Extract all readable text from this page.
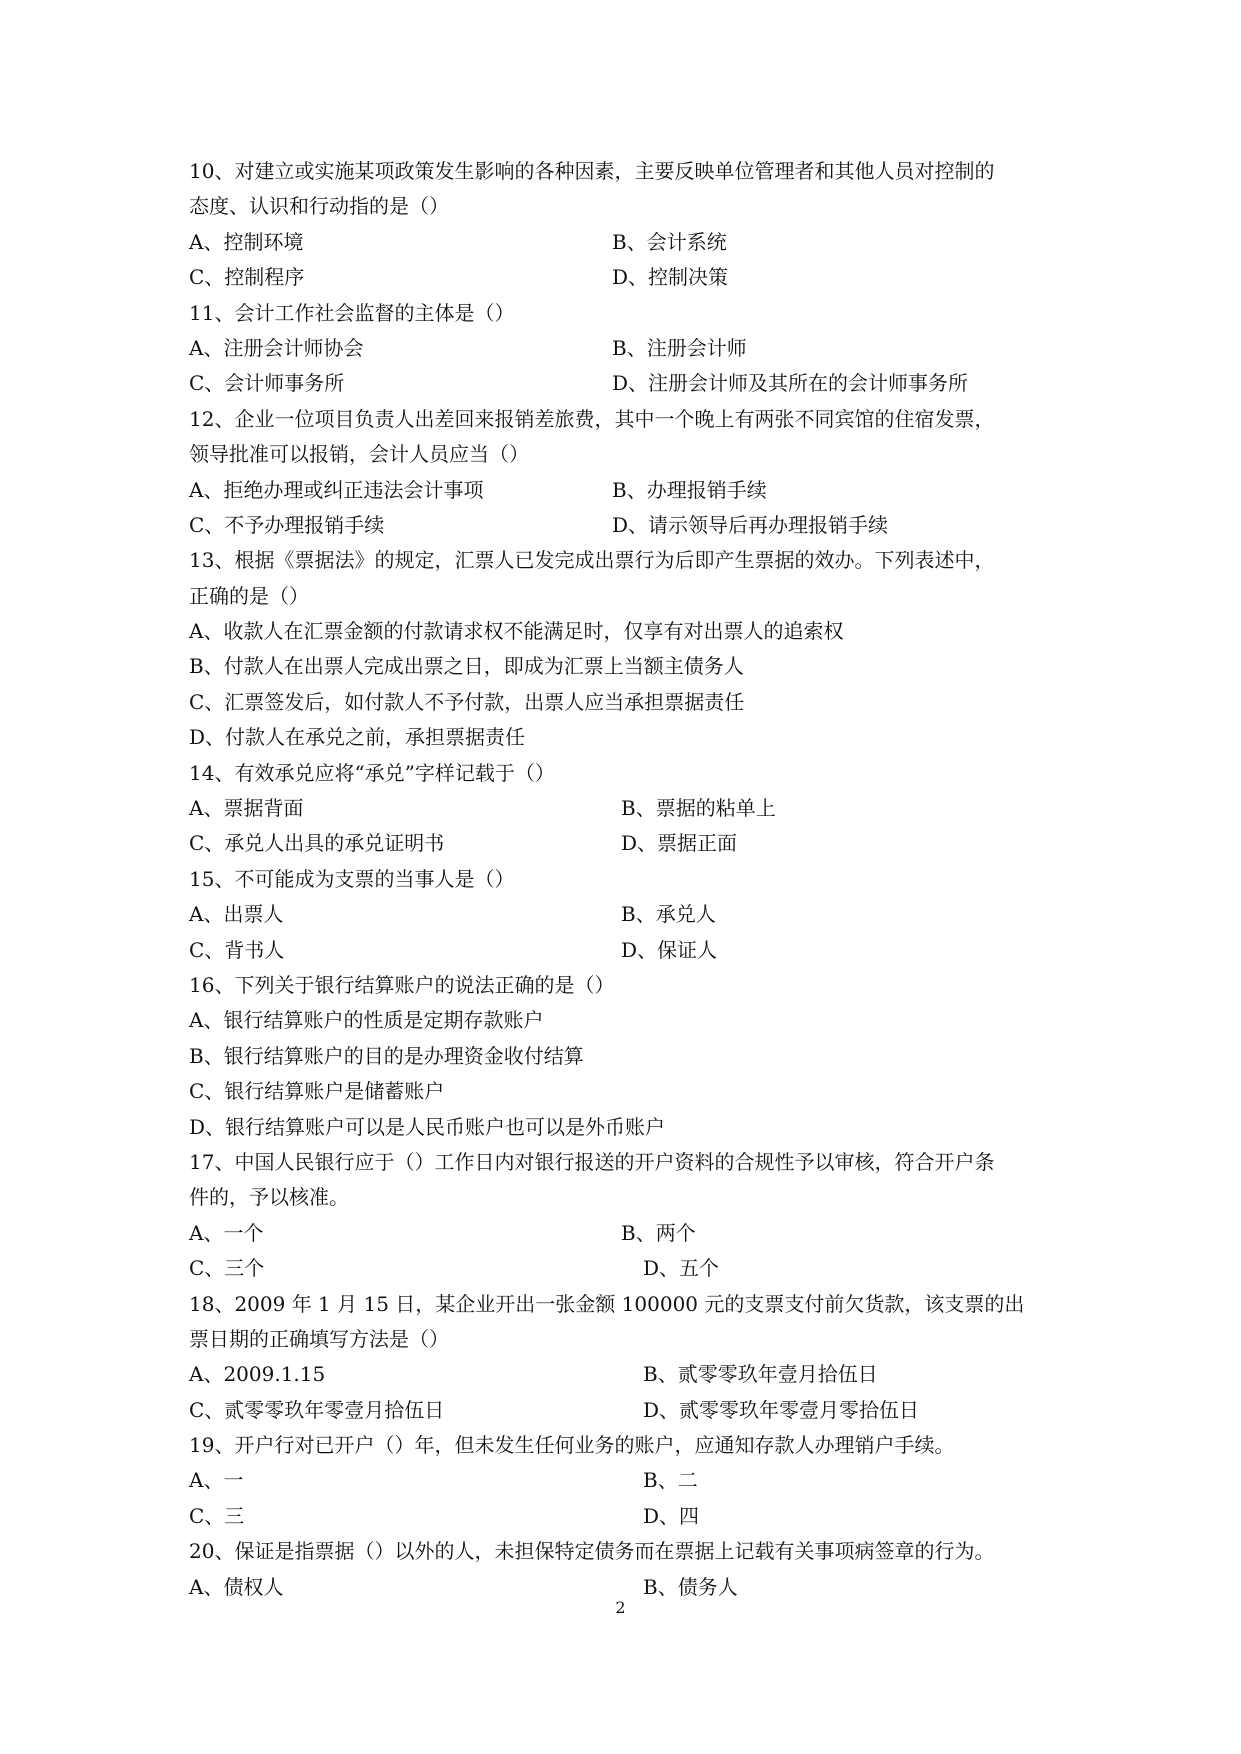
10、对建立或实施某项政策发生影响的各种因素，主要反映单位管理者和其他人员对控制的
态度、认识和行动指的是（）
A、控制环境	B、会计系统
C、控制程序	D、控制决策
11、会计工作社会监督的主体是（）
A、注册会计师协会	B、注册会计师
C、会计师事务所	D、注册会计师及其所在的会计师事务所
12、企业一位项目负责人出差回来报销差旅费，其中一个晚上有两张不同宾馆的住宿发票，
领导批准可以报销，会计人员应当（）
A、拒绝办理或纠正违法会计事项	B、办理报销手续
C、不予办理报销手续	D、请示领导后再办理报销手续
13、根据《票据法》的规定，汇票人已发完成出票行为后即产生票据的效办。下列表述中，
正确的是（）
A、收款人在汇票金额的付款请求权不能满足时，仅享有对出票人的追索权
B、付款人在出票人完成出票之日，即成为汇票上当额主债务人
C、汇票签发后，如付款人不予付款，出票人应当承担票据责任
D、付款人在承兑之前，承担票据责任
14、有效承兑应将“承兑”字样记载于（）
A、票据背面	B、票据的粘单上
C、承兑人出具的承兑证明书	D、票据正面
15、不可能成为支票的当事人是（）
A、出票人	B、承兑人
C、背书人	D、保证人
16、下列关于银行结算账户的说法正确的是（）
A、银行结算账户的性质是定期存款账户
B、银行结算账户的目的是办理资金收付结算
C、银行结算账户是储蓄账户
D、银行结算账户可以是人民币账户也可以是外币账户
17、中国人民银行应于（）工作日内对银行报送的开户资料的合规性予以审核，符合开户条
件的，予以核准。
A、一个	B、两个
C、三个	D、五个
18、2009 年 1 月 15 日，某企业开出一张金额 100000 元的支票支付前欠货款，该支票的出
票日期的正确填写方法是（）
A、2009.1.15	B、贰零零玖年壹月拾伍日
C、贰零零玖年零壹月拾伍日	D、贰零零玖年零壹月零拾伍日
19、开户行对已开户（）年，但未发生任何业务的账户，应通知存款人办理销户手续。
A、一	B、二
C、三	D、四
20、保证是指票据（）以外的人，未担保特定债务而在票据上记载有关事项病签章的行为。
A、债权人	B、债务人
2
